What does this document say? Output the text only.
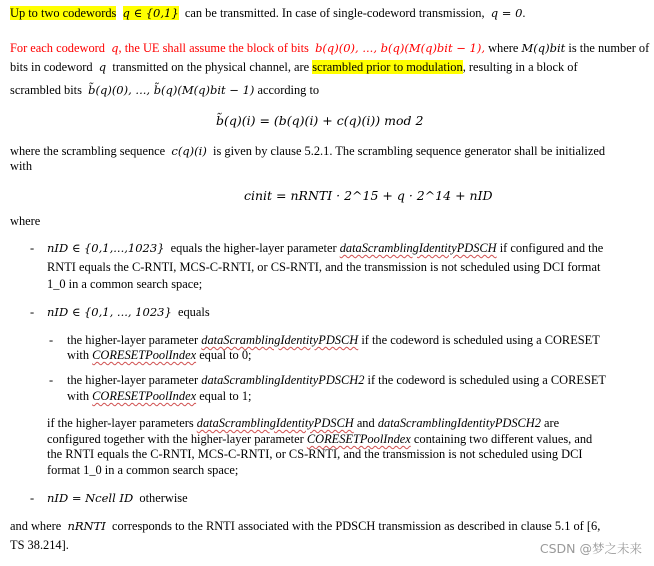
Up to two codewords q ∈ {0,1} can be transmitted. In case of single-codeword transmission, q = 0.
For each codeword q, the UE shall assume the block of bits b(q)(0), ..., b(q)(M(q)bit − 1), where M(q)bit is the number of
bits in codeword q transmitted on the physical channel, are scrambled prior to modulation, resulting in a block of
scrambled bits b̃(q)(0), ..., b̃(q)(M(q)bit − 1) according to
b̃(q)(i) = (b(q)(i) + c(q)(i)) mod 2
where the scrambling sequence c(q)(i) is given by clause 5.2.1. The scrambling sequence generator shall be initialized
with
cinit = nRNTI · 2^15 + q · 2^14 + nID
where
- nID ∈ {0,1,...,1023} equals the higher-layer parameter dataScramblingIdentityPDSCH if configured and the
RNTI equals the C-RNTI, MCS-C-RNTI, or CS-RNTI, and the transmission is not scheduled using DCI format
1_0 in a common search space;
- nID ∈ {0,1, ..., 1023} equals
- the higher-layer parameter dataScramblingIdentityPDSCH if the codeword is scheduled using a CORESET
with CORESETPoolIndex equal to 0;
- the higher-layer parameter dataScramblingIdentityPDSCH2 if the codeword is scheduled using a CORESET
with CORESETPoolIndex equal to 1;
if the higher-layer parameters dataScramblingIdentityPDSCH and dataScramblingIdentityPDSCH2 are
configured together with the higher-layer parameter CORESETPoolIndex containing two different values, and
the RNTI equals the C-RNTI, MCS-C-RNTI, or CS-RNTI, and the transmission is not scheduled using DCI
format 1_0 in a common search space;
- nID = Ncell ID otherwise
and where nRNTI corresponds to the RNTI associated with the PDSCH transmission as described in clause 5.1 of [6,
TS 38.214].	CSDN @梦之未来
